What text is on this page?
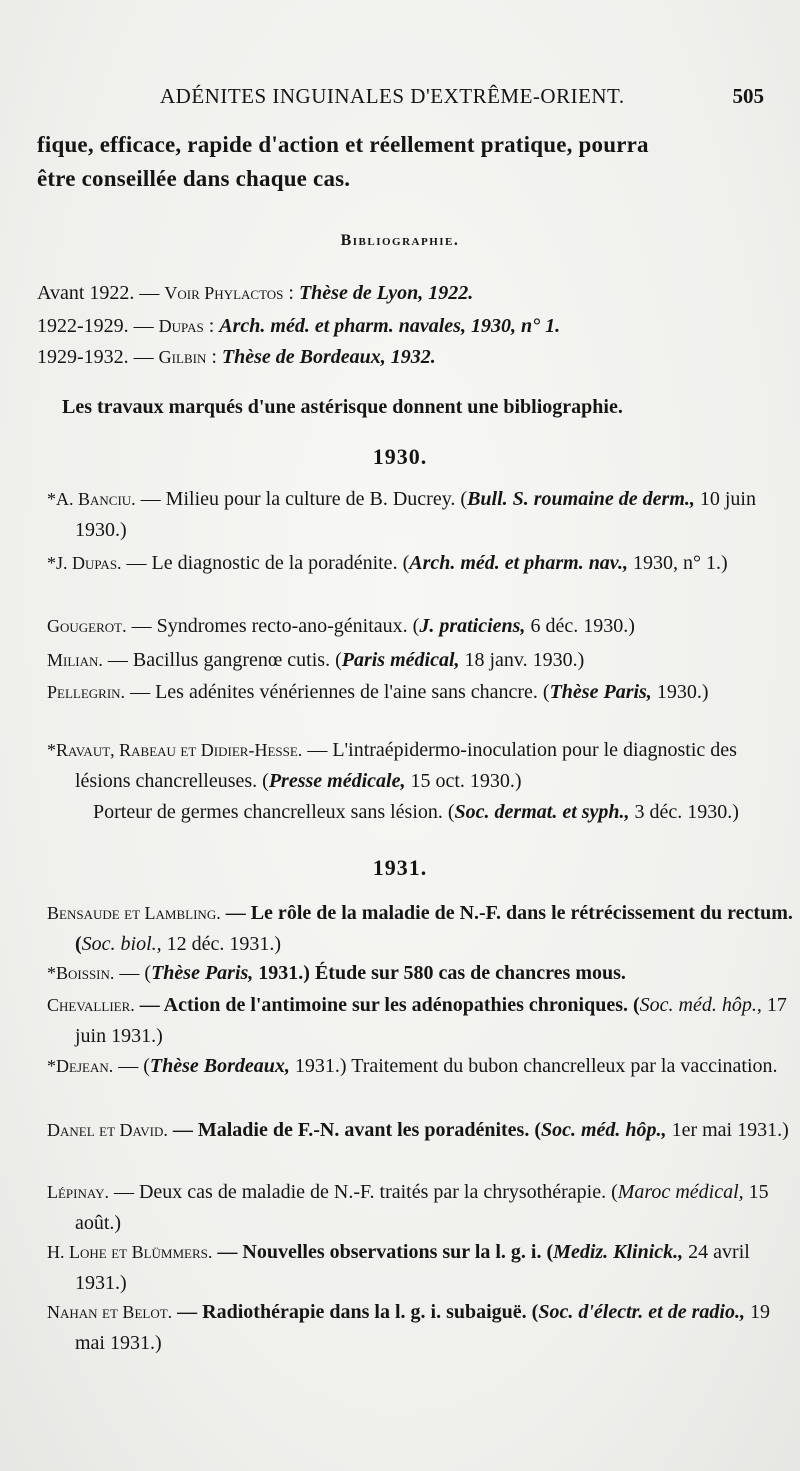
ADÉNITES INGUINALES D'EXTRÊME-ORIENT.	505
fique, efficace, rapide d'action et réellement pratique, pourra
être conseillée dans chaque cas.
Bibliographie.
Avant 1922. — Voir Phylactos : Thèse de Lyon, 1922.
1922-1929. — Dupas : Arch. méd. et pharm. navales, 1930, n° 1.
1929-1932. — Gilbin : Thèse de Bordeaux, 1932.
Les travaux marqués d'une astérisque donnent une bibliographie.
1930.
*A. Banciu. — Milieu pour la culture de B. Ducrey. (Bull. S. roumaine de derm., 10 juin 1930.)
*J. Dupas. — Le diagnostic de la poradénite. (Arch. méd. et pharm. nav., 1930, n° 1.)
Gougerot. — Syndromes recto-ano-génitaux. (J. praticiens, 6 déc. 1930.)
Milian. — Bacillus gangrenœ cutis. (Paris médical, 18 janv. 1930.)
Pellegrin. — Les adénites vénériennes de l'aine sans chancre. (Thèse Paris, 1930.)
*Ravaut, Rabeau et Didier-Hesse. — L'intraépidermo-inoculation pour le diagnostic des lésions chancrelleuses. (Presse médicale, 15 oct. 1930.)
Porteur de germes chancrelleux sans lésion. (Soc. dermat. et syph., 3 déc. 1930.)
1931.
Bensaude et Lambling. — Le rôle de la maladie de N.-F. dans le rétrécissement du rectum. (Soc. biol., 12 déc. 1931.)
*Boissin. — (Thèse Paris, 1931.) Étude sur 580 cas de chancres mous.
Chevallier. — Action de l'antimoine sur les adénopathies chroniques. (Soc. méd. hôp., 17 juin 1931.)
*Dejean. — (Thèse Bordeaux, 1931.) Traitement du bubon chancrelleux par la vaccination.
Danel et David. — Maladie de F.-N. avant les poradénites. (Soc. méd. hôp., 1er mai 1931.)
Lépinay. — Deux cas de maladie de N.-F. traités par la chrysothérapie. (Maroc médical, 15 août.)
H. Lohe et Blümmers. — Nouvelles observations sur la l. g. i. (Mediz. Klinick., 24 avril 1931.)
Nahan et Belot. — Radiothérapie dans la l. g. i. subaiguë. (Soc. d'électr. et de radio., 19 mai 1931.)
